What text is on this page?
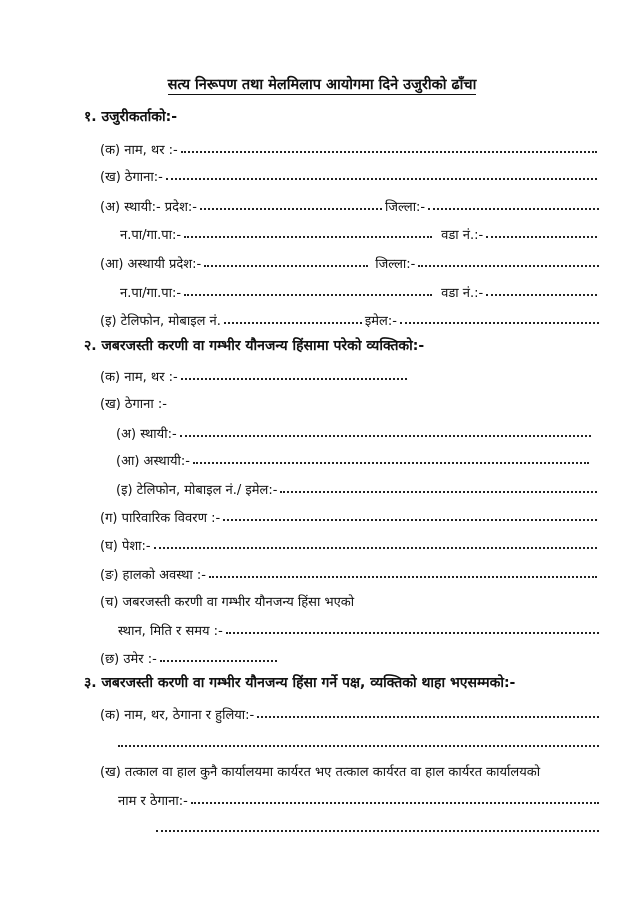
सत्य निरूपण तथा मेलमिलाप आयोगमा दिने उजुरीको ढाँचा
१. उजुरीकर्ताको:-
(क) नाम, थर :-
(ख) ठेगाना:-
(अ) स्थायी:- प्रदेश:-	जिल्ला:-
न.पा/गा.पा:-	वडा नं.:-
(आ) अस्थायी प्रदेश:-	जिल्ला:-
न.पा/गा.पा:-	वडा नं.:-
(इ) टेलिफोन, मोबाइल नं.	इमेल:-
२. जबरजस्ती करणी वा गम्भीर यौनजन्य हिंसामा परेको व्यक्तिको:-
(क) नाम, थर :-
(ख) ठेगाना :-
(अ) स्थायी:-
(आ) अस्थायी:-
(इ) टेलिफोन, मोबाइल नं./ इमेल:-
(ग) पारिवारिक विवरण :-
(घ) पेशा:-
(ङ) हालको अवस्था :-
(च) जबरजस्ती करणी वा गम्भीर यौनजन्य हिंसा भएको
स्थान, मिति र समय :-
(छ) उमेर :-
३. जबरजस्ती करणी वा गम्भीर यौनजन्य हिंसा गर्ने पक्ष, व्यक्तिको थाहा भएसम्मको:-
(क) नाम, थर, ठेगाना र हुलिया:-
(ख) तत्काल वा हाल कुनै कार्यालयमा कार्यरत भए तत्काल कार्यरत वा हाल कार्यरत कार्यालयको
नाम र ठेगाना:-
